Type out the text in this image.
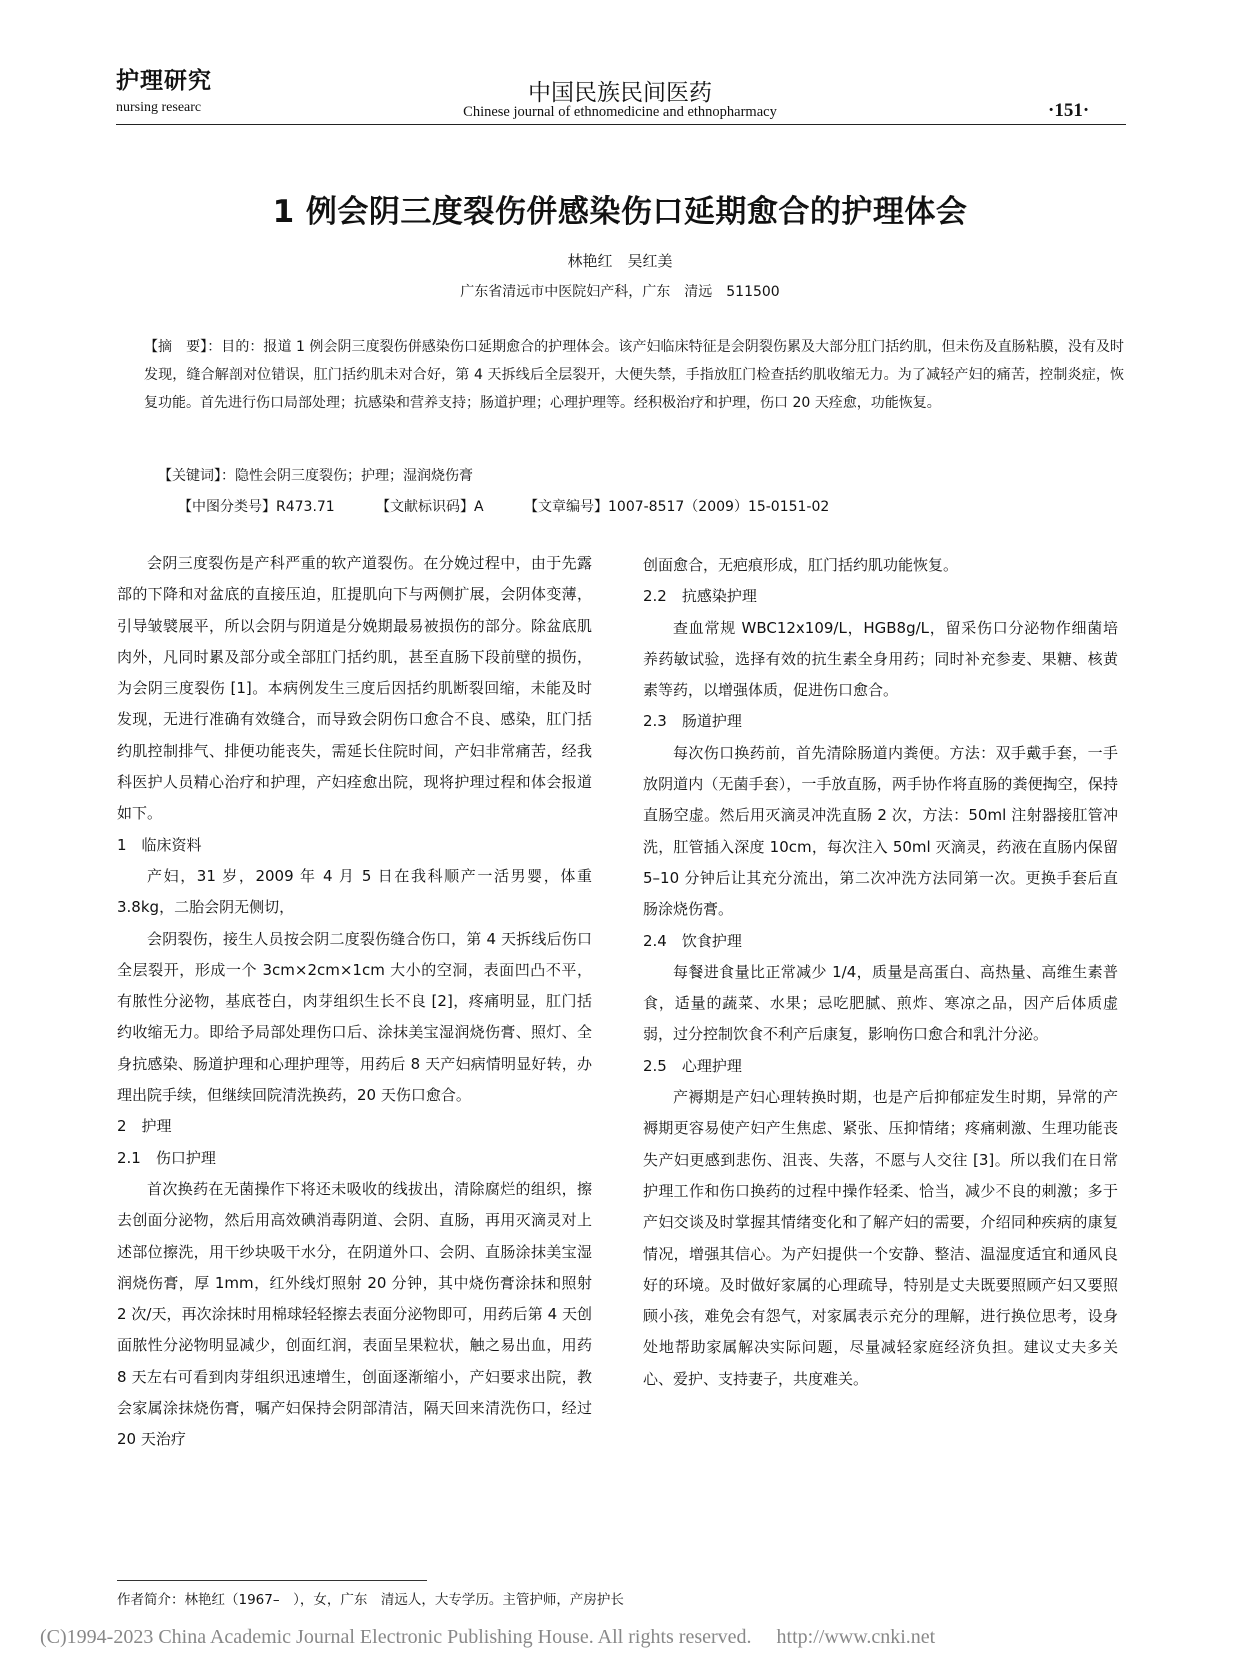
护理研究
nursing researc
中国民族民间医药
Chinese journal of ethnomedicine and ethnopharmacy	·151·
1 例会阴三度裂伤併感染伤口延期愈合的护理体会
林艳红　吴红美
广东省清远市中医院妇产科，广东　清远　511500

【摘　要】：目的：报道 1 例会阴三度裂伤併感染伤口延期愈合的护理体会。该产妇临床特征是会阴裂伤累及大部分肛门括约肌，但未伤及直肠粘膜，没有及时发现，缝合解剖对位错误，肛门括约肌未对合好，第 4 天拆线后全层裂开，大便失禁，手指放肛门检查括约肌收缩无力。为了减轻产妇的痛苦，控制炎症，恢复功能。首先进行伤口局部处理；抗感染和营养支持；肠道护理；心理护理等。经积极治疗和护理，伤口 20 天痊愈，功能恢复。

【关键词】：隐性会阴三度裂伤；护理；湿润烧伤膏

【中图分类号】R473.71	【文献标识码】A	【文章编号】1007-8517（2009）15-0151-02

会阴三度裂伤是产科严重的软产道裂伤。在分娩过程中，由于先露部的下降和对盆底的直接压迫，肛提肌向下与两侧扩展，会阴体变薄，引导皱襞展平，所以会阴与阴道是分娩期最易被损伤的部分。除盆底肌肉外，凡同时累及部分或全部肛门括约肌，甚至直肠下段前壁的损伤，为会阴三度裂伤 [1]。本病例发生三度后因括约肌断裂回缩，未能及时发现，无进行准确有效缝合，而导致会阴伤口愈合不良、感染，肛门括约肌控制排气、排便功能丧失，需延长住院时间，产妇非常痛苦，经我科医护人员精心治疗和护理，产妇痊愈出院，现将护理过程和体会报道如下。

1　临床资料

产妇，31 岁，2009 年 4 月 5 日在我科顺产一活男婴，体重 3.8kg，二胎会阴无侧切，

会阴裂伤，接生人员按会阴二度裂伤缝合伤口，第 4 天拆线后伤口全层裂开，形成一个 3cm×2cm×1cm 大小的空洞，表面凹凸不平，有脓性分泌物，基底苍白，肉芽组织生长不良 [2]，疼痛明显，肛门括约收缩无力。即给予局部处理伤口后、涂抹美宝湿润烧伤膏、照灯、全身抗感染、肠道护理和心理护理等，用药后 8 天产妇病情明显好转，办理出院手续，但继续回院清洗换药，20 天伤口愈合。

2　护理

2.1　伤口护理

首次换药在无菌操作下将还未吸收的线拔出，清除腐烂的组织，擦去创面分泌物，然后用高效碘消毒阴道、会阴、直肠，再用灭滴灵对上述部位擦洗，用干纱块吸干水分，在阴道外口、会阴、直肠涂抹美宝湿润烧伤膏，厚 1mm，红外线灯照射 20 分钟，其中烧伤膏涂抹和照射 2 次/天，再次涂抹时用棉球轻轻擦去表面分泌物即可，用药后第 4 天创面脓性分泌物明显减少，创面红润，表面呈果粒状，触之易出血，用药 8 天左右可看到肉芽组织迅速增生，创面逐渐缩小，产妇要求出院，教会家属涂抹烧伤膏，嘱产妇保持会阴部清洁，隔天回来清洗伤口，经过 20 天治疗

创面愈合，无疤痕形成，肛门括约肌功能恢复。

2.2　抗感染护理

查血常规 WBC12x109/L，HGB8g/L，留采伤口分泌物作细菌培养药敏试验，选择有效的抗生素全身用药；同时补充参麦、果糖、核黄素等药，以增强体质，促进伤口愈合。

2.3　肠道护理

每次伤口换药前，首先清除肠道内粪便。方法：双手戴手套，一手放阴道内（无菌手套），一手放直肠，两手协作将直肠的粪便掏空，保持直肠空虚。然后用灭滴灵冲洗直肠 2 次，方法：50ml 注射器接肛管冲洗，肛管插入深度 10cm，每次注入 50ml 灭滴灵，药液在直肠内保留 5–10 分钟后让其充分流出，第二次冲洗方法同第一次。更换手套后直肠涂烧伤膏。

2.4　饮食护理

每餐进食量比正常减少 1/4，质量是高蛋白、高热量、高维生素普食，适量的蔬菜、水果；忌吃肥腻、煎炸、寒凉之品，因产后体质虚弱，过分控制饮食不利产后康复，影响伤口愈合和乳汁分泌。

2.5　心理护理

产褥期是产妇心理转换时期，也是产后抑郁症发生时期，异常的产褥期更容易使产妇产生焦虑、紧张、压抑情绪；疼痛刺激、生理功能丧失产妇更感到悲伤、沮丧、失落，不愿与人交往 [3]。所以我们在日常护理工作和伤口换药的过程中操作轻柔、恰当，减少不良的刺激；多于产妇交谈及时掌握其情绪变化和了解产妇的需要，介绍同种疾病的康复情况，增强其信心。为产妇提供一个安静、整洁、温湿度适宜和通风良好的环境。及时做好家属的心理疏导，特别是丈夫既要照顾产妇又要照顾小孩，难免会有怨气，对家属表示充分的理解，进行换位思考，设身处地帮助家属解决实际问题，尽量减轻家庭经济负担。建议丈夫多关心、爱护、支持妻子，共度难关。

作者简介：林艳红（1967–　），女，广东　清远人，大专学历。主管护师，产房护长
(C)1994-2023 China Academic Journal Electronic Publishing House. All rights reserved.　 http://www.cnki.net
